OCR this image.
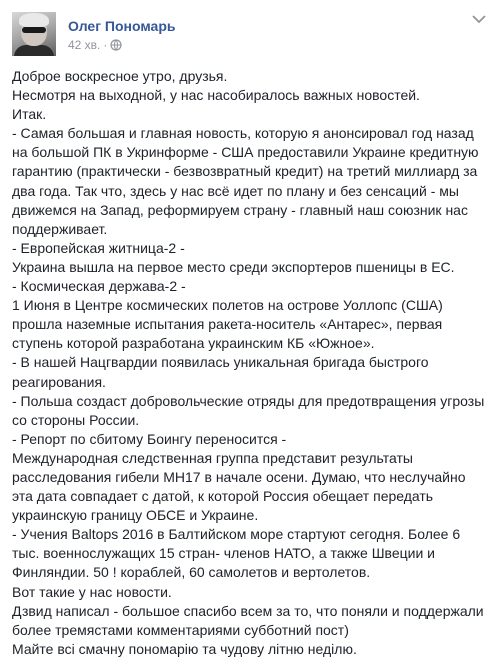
Олег Пономарь
42 хв. ·
Доброе воскресное утро, друзья.
Несмотря на выходной, у нас насобиралось важных новостей.
Итак.
- Самая большая и главная новость, которую я анонсировал год назад
на большой ПК в Укринформе - США предоставили Украине кредитную
гарантию (практически - безвозвратный кредит) на третий миллиард за
два года. Так что, здесь у нас всё идет по плану и без сенсаций - мы
движемся на Запад, реформируем страну - главный наш союзник нас
поддерживает.
- Европейская житница-2 -
Украина вышла на первое место среди экспортеров пшеницы в ЕС.
- Космическая держава-2 -
1 Июня в Центре космических полетов на острове Уоллопс (США)
прошла наземные испытания ракета-носитель «Антарес», первая
ступень которой разработана украинским КБ «Южное».
- В нашей Нацгвардии появилась уникальная бригада быстрого
реагирования.
- Польша создаст добровольческие отряды для предотвращения угрозы
со стороны России.
- Репорт по сбитому Боингу переносится -
Международная следственная группа представит результаты
расследования гибели МН17 в начале осени. Думаю, что неслучайно
эта дата совпадает с датой, к которой Россия обещает передать
украинскую границу ОБСЕ и Украине.
- Учения Baltops 2016 в Балтийском море стартуют сегодня. Более 6
тыс. военнослужащих 15 стран- членов НАТО, а также Швеции и
Финляндии. 50 ! кораблей, 60 самолетов и вертолетов.
Вот такие у нас новости.
Дзвид написал - большое спасибо всем за то, что поняли и поддержали
более тремястами комментариями субботний пост)
Майте всі смачну пономарію та чудову літню неділю.
